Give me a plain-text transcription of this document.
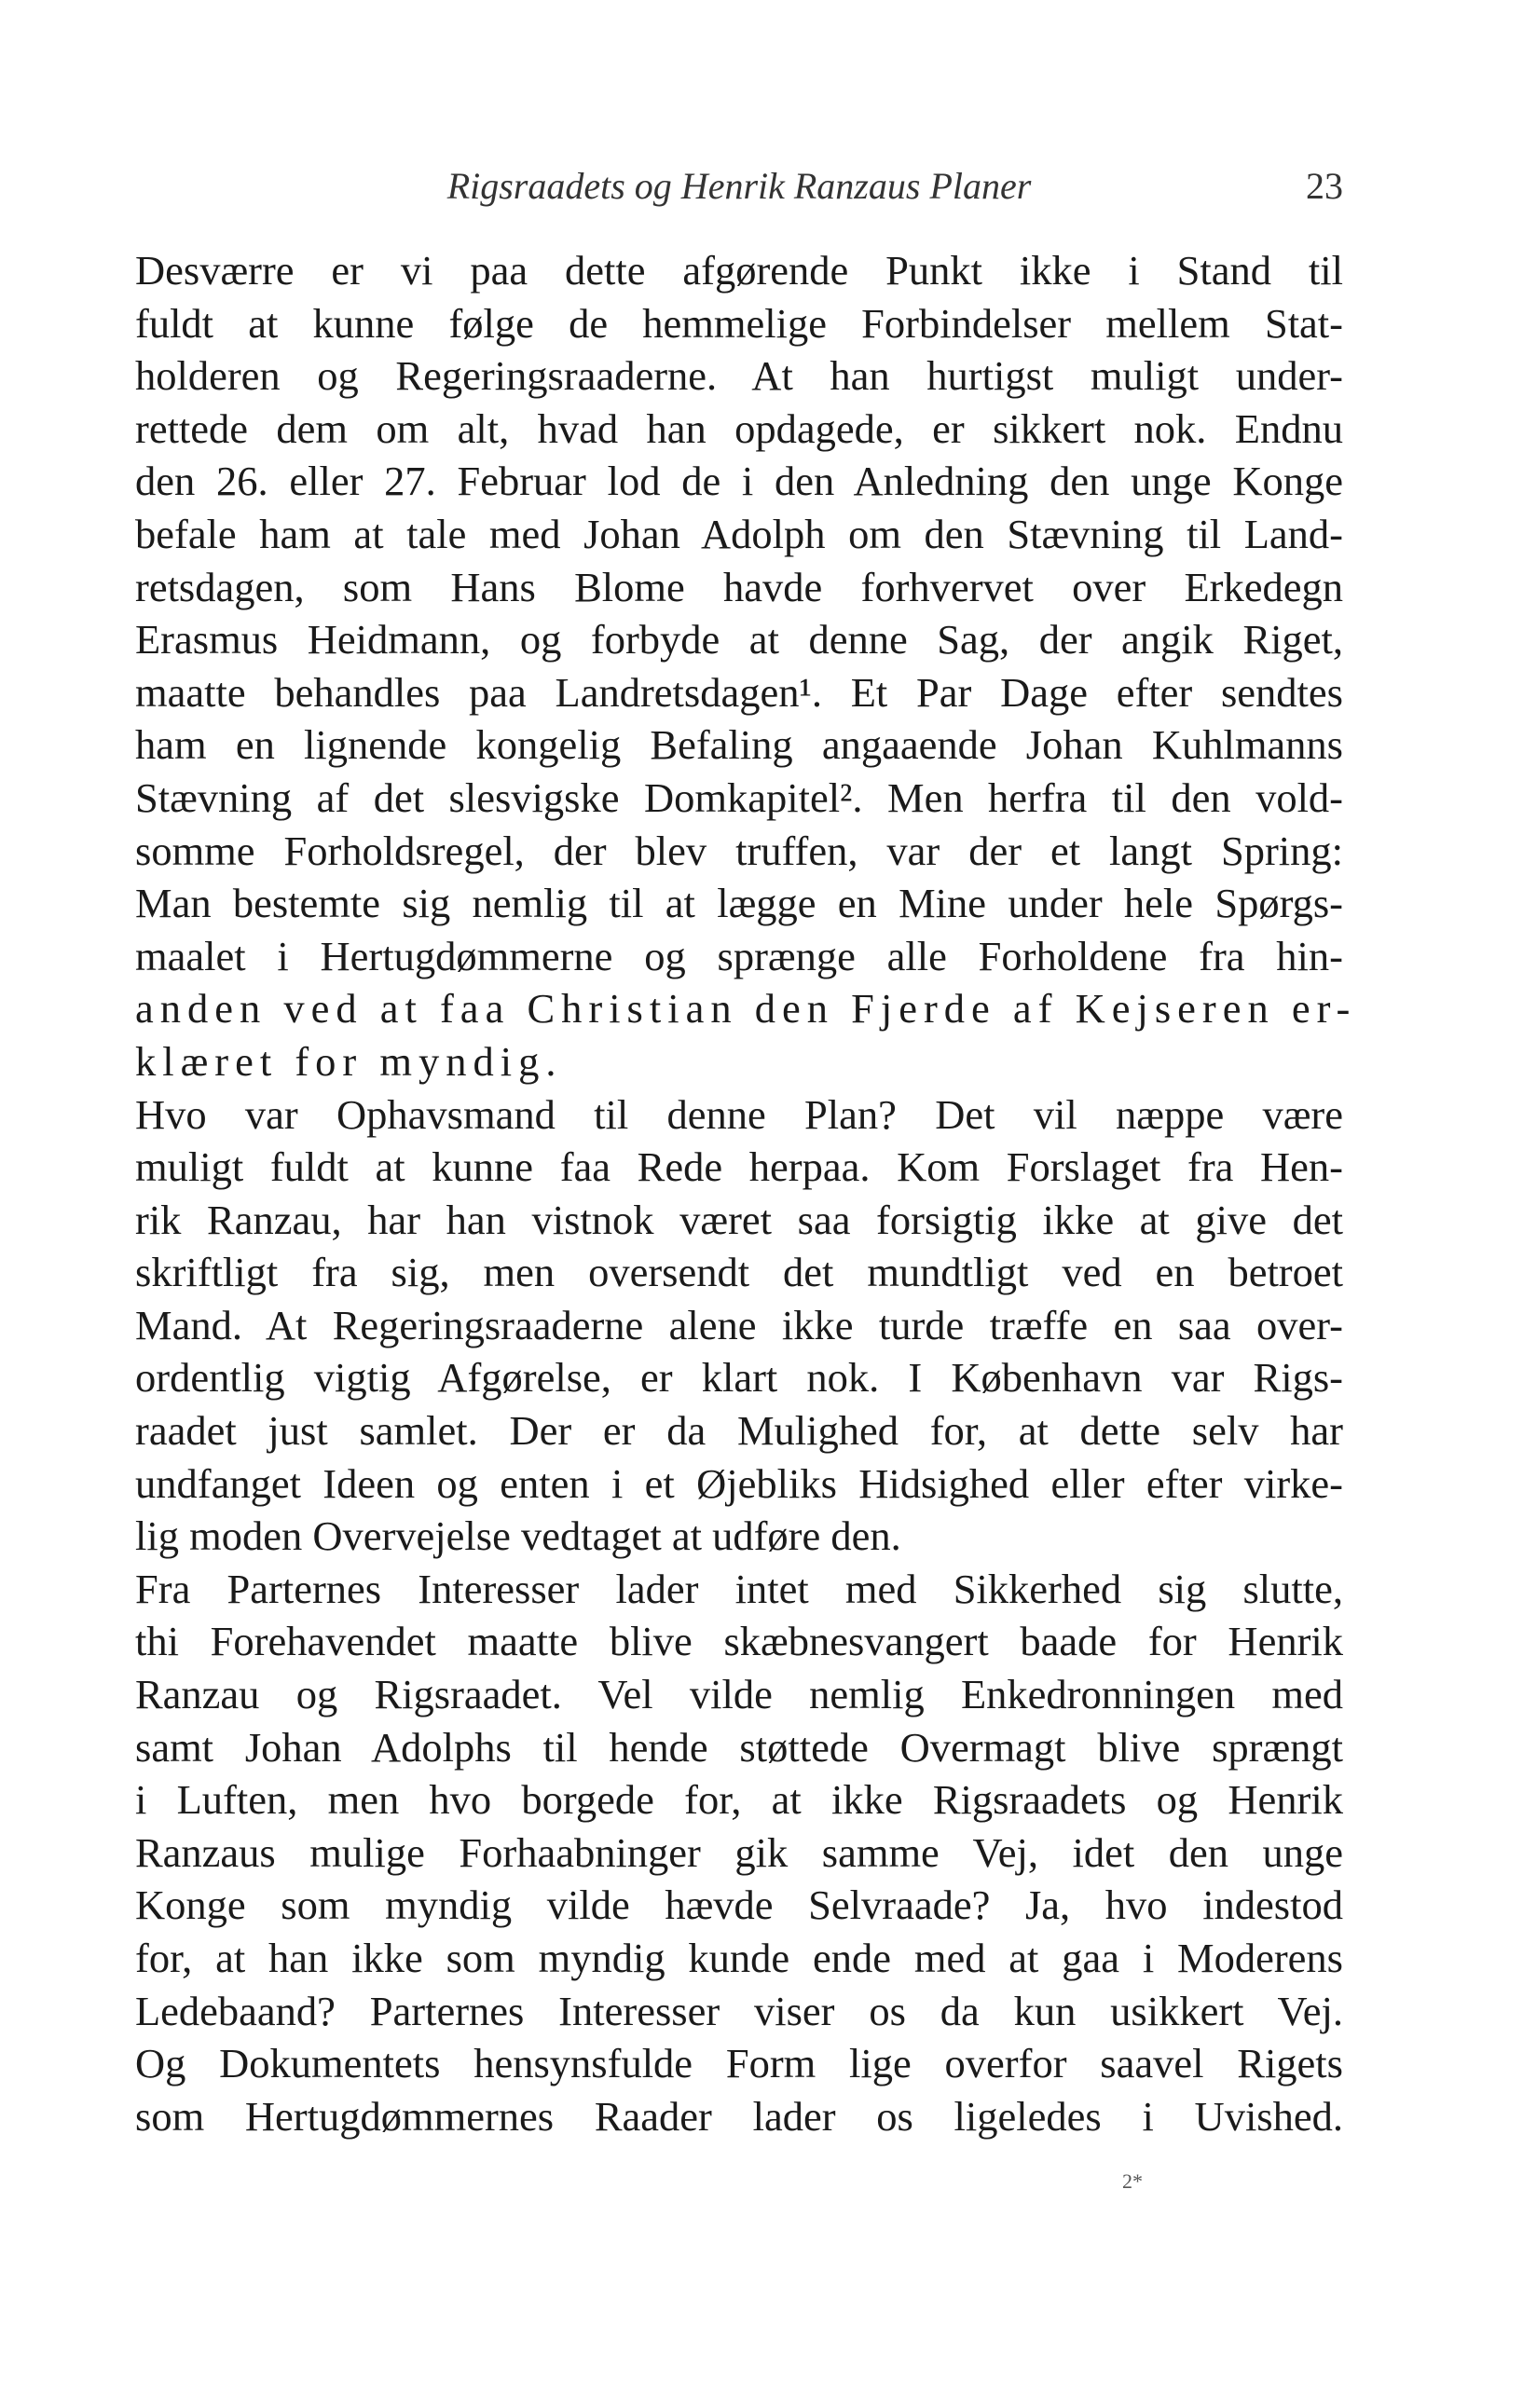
Rigsraadets og Henrik Ranzaus Planer	23
Desværre er vi paa dette afgørende Punkt ikke i Stand til
fuldt at kunne følge de hemmelige Forbindelser mellem Stat-
holderen og Regeringsraaderne. At han hurtigst muligt under-
rettede dem om alt, hvad han opdagede, er sikkert nok. Endnu
den 26. eller 27. Februar lod de i den Anledning den unge Konge
befale ham at tale med Johan Adolph om den Stævning til Land-
retsdagen, som Hans Blome havde forhvervet over Erkedegn
Erasmus Heidmann, og forbyde at denne Sag, der angik Riget,
maatte behandles paa Landretsdagen¹. Et Par Dage efter sendtes
ham en lignende kongelig Befaling angaaende Johan Kuhlmanns
Stævning af det slesvigske Domkapitel². Men herfra til den vold-
somme Forholdsregel, der blev truffen, var der et langt Spring:
Man bestemte sig nemlig til at lægge en Mine under hele Spørgs-
maalet i Hertugdømmerne og sprænge alle Forholdene fra hin-
anden ved at faa Christian den Fjerde af Kejseren er-
klæret for myndig.
Hvo var Ophavsmand til denne Plan? Det vil næppe være
muligt fuldt at kunne faa Rede herpaa. Kom Forslaget fra Hen-
rik Ranzau, har han vistnok været saa forsigtig ikke at give det
skriftligt fra sig, men oversendt det mundtligt ved en betroet
Mand. At Regeringsraaderne alene ikke turde træffe en saa over-
ordentlig vigtig Afgørelse, er klart nok. I København var Rigs-
raadet just samlet. Der er da Mulighed for, at dette selv har
undfanget Ideen og enten i et Øjebliks Hidsighed eller efter virke-
lig moden Overvejelse vedtaget at udføre den.
Fra Parternes Interesser lader intet med Sikkerhed sig slutte,
thi Forehavendet maatte blive skæbnesvangert baade for Henrik
Ranzau og Rigsraadet. Vel vilde nemlig Enkedronningen med
samt Johan Adolphs til hende støttede Overmagt blive sprængt
i Luften, men hvo borgede for, at ikke Rigsraadets og Henrik
Ranzaus mulige Forhaabninger gik samme Vej, idet den unge
Konge som myndig vilde hævde Selvraade? Ja, hvo indestod
for, at han ikke som myndig kunde ende med at gaa i Moderens
Ledebaand? Parternes Interesser viser os da kun usikkert Vej.
Og Dokumentets hensynsfulde Form lige overfor saavel Rigets
som Hertugdømmernes Raader lader os ligeledes i Uvished.
2*
